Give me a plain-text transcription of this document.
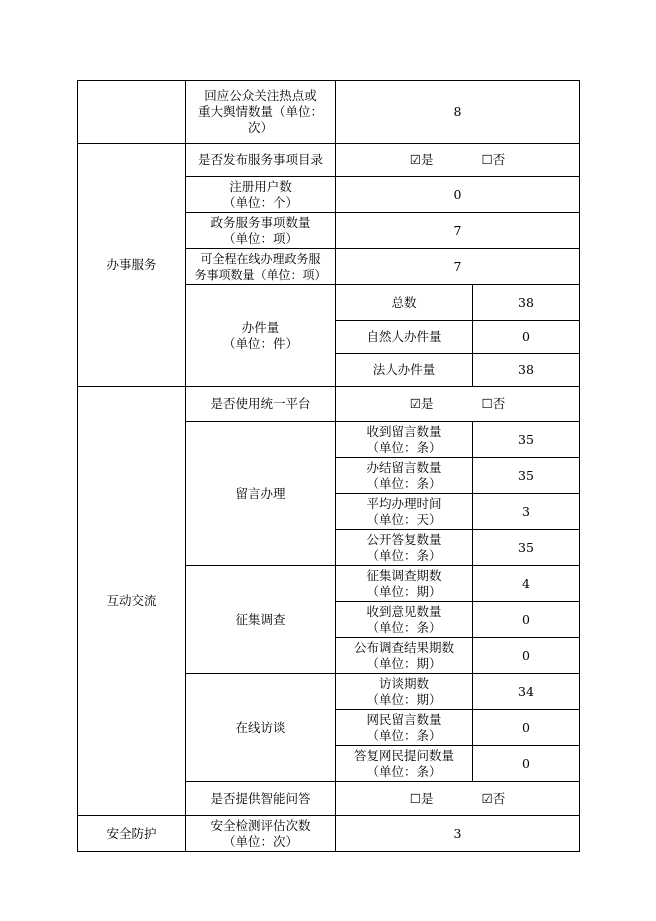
	回应公众关注热点或
重大舆情数量（单位：
次）	8	
办事服务	是否发布服务事项目录	☑是 ☐否	

	注册用户数
（单位：个）	0	

	政务服务事项数量
（单位：项）	7	

	可全程在线办理政务服
务事项数量（单位：项）	7	

	办件量
（单位：件）	总数	38
		自然人办件量	0
		法人办件量	38
互动交流	是否使用统一平台	☑是 ☐否	
	留言办理	收到留言数量
（单位：条）	35

		办结留言数量
（单位：条）	35

		平均办理时间
（单位：天）	3

		公开答复数量
（单位：条）	35
	征集调查	征集调查期数
（单位：期）	4

		收到意见数量
（单位：条）	0

		公布调查结果期数
（单位：期）	0
	在线访谈	访谈期数
（单位：期）	34

		网民留言数量
（单位：条）	0

		答复网民提问数量
（单位：条）	0
	是否提供智能问答	☐是 ☑否	
安全防护	安全检测评估次数
（单位：次）	3	
